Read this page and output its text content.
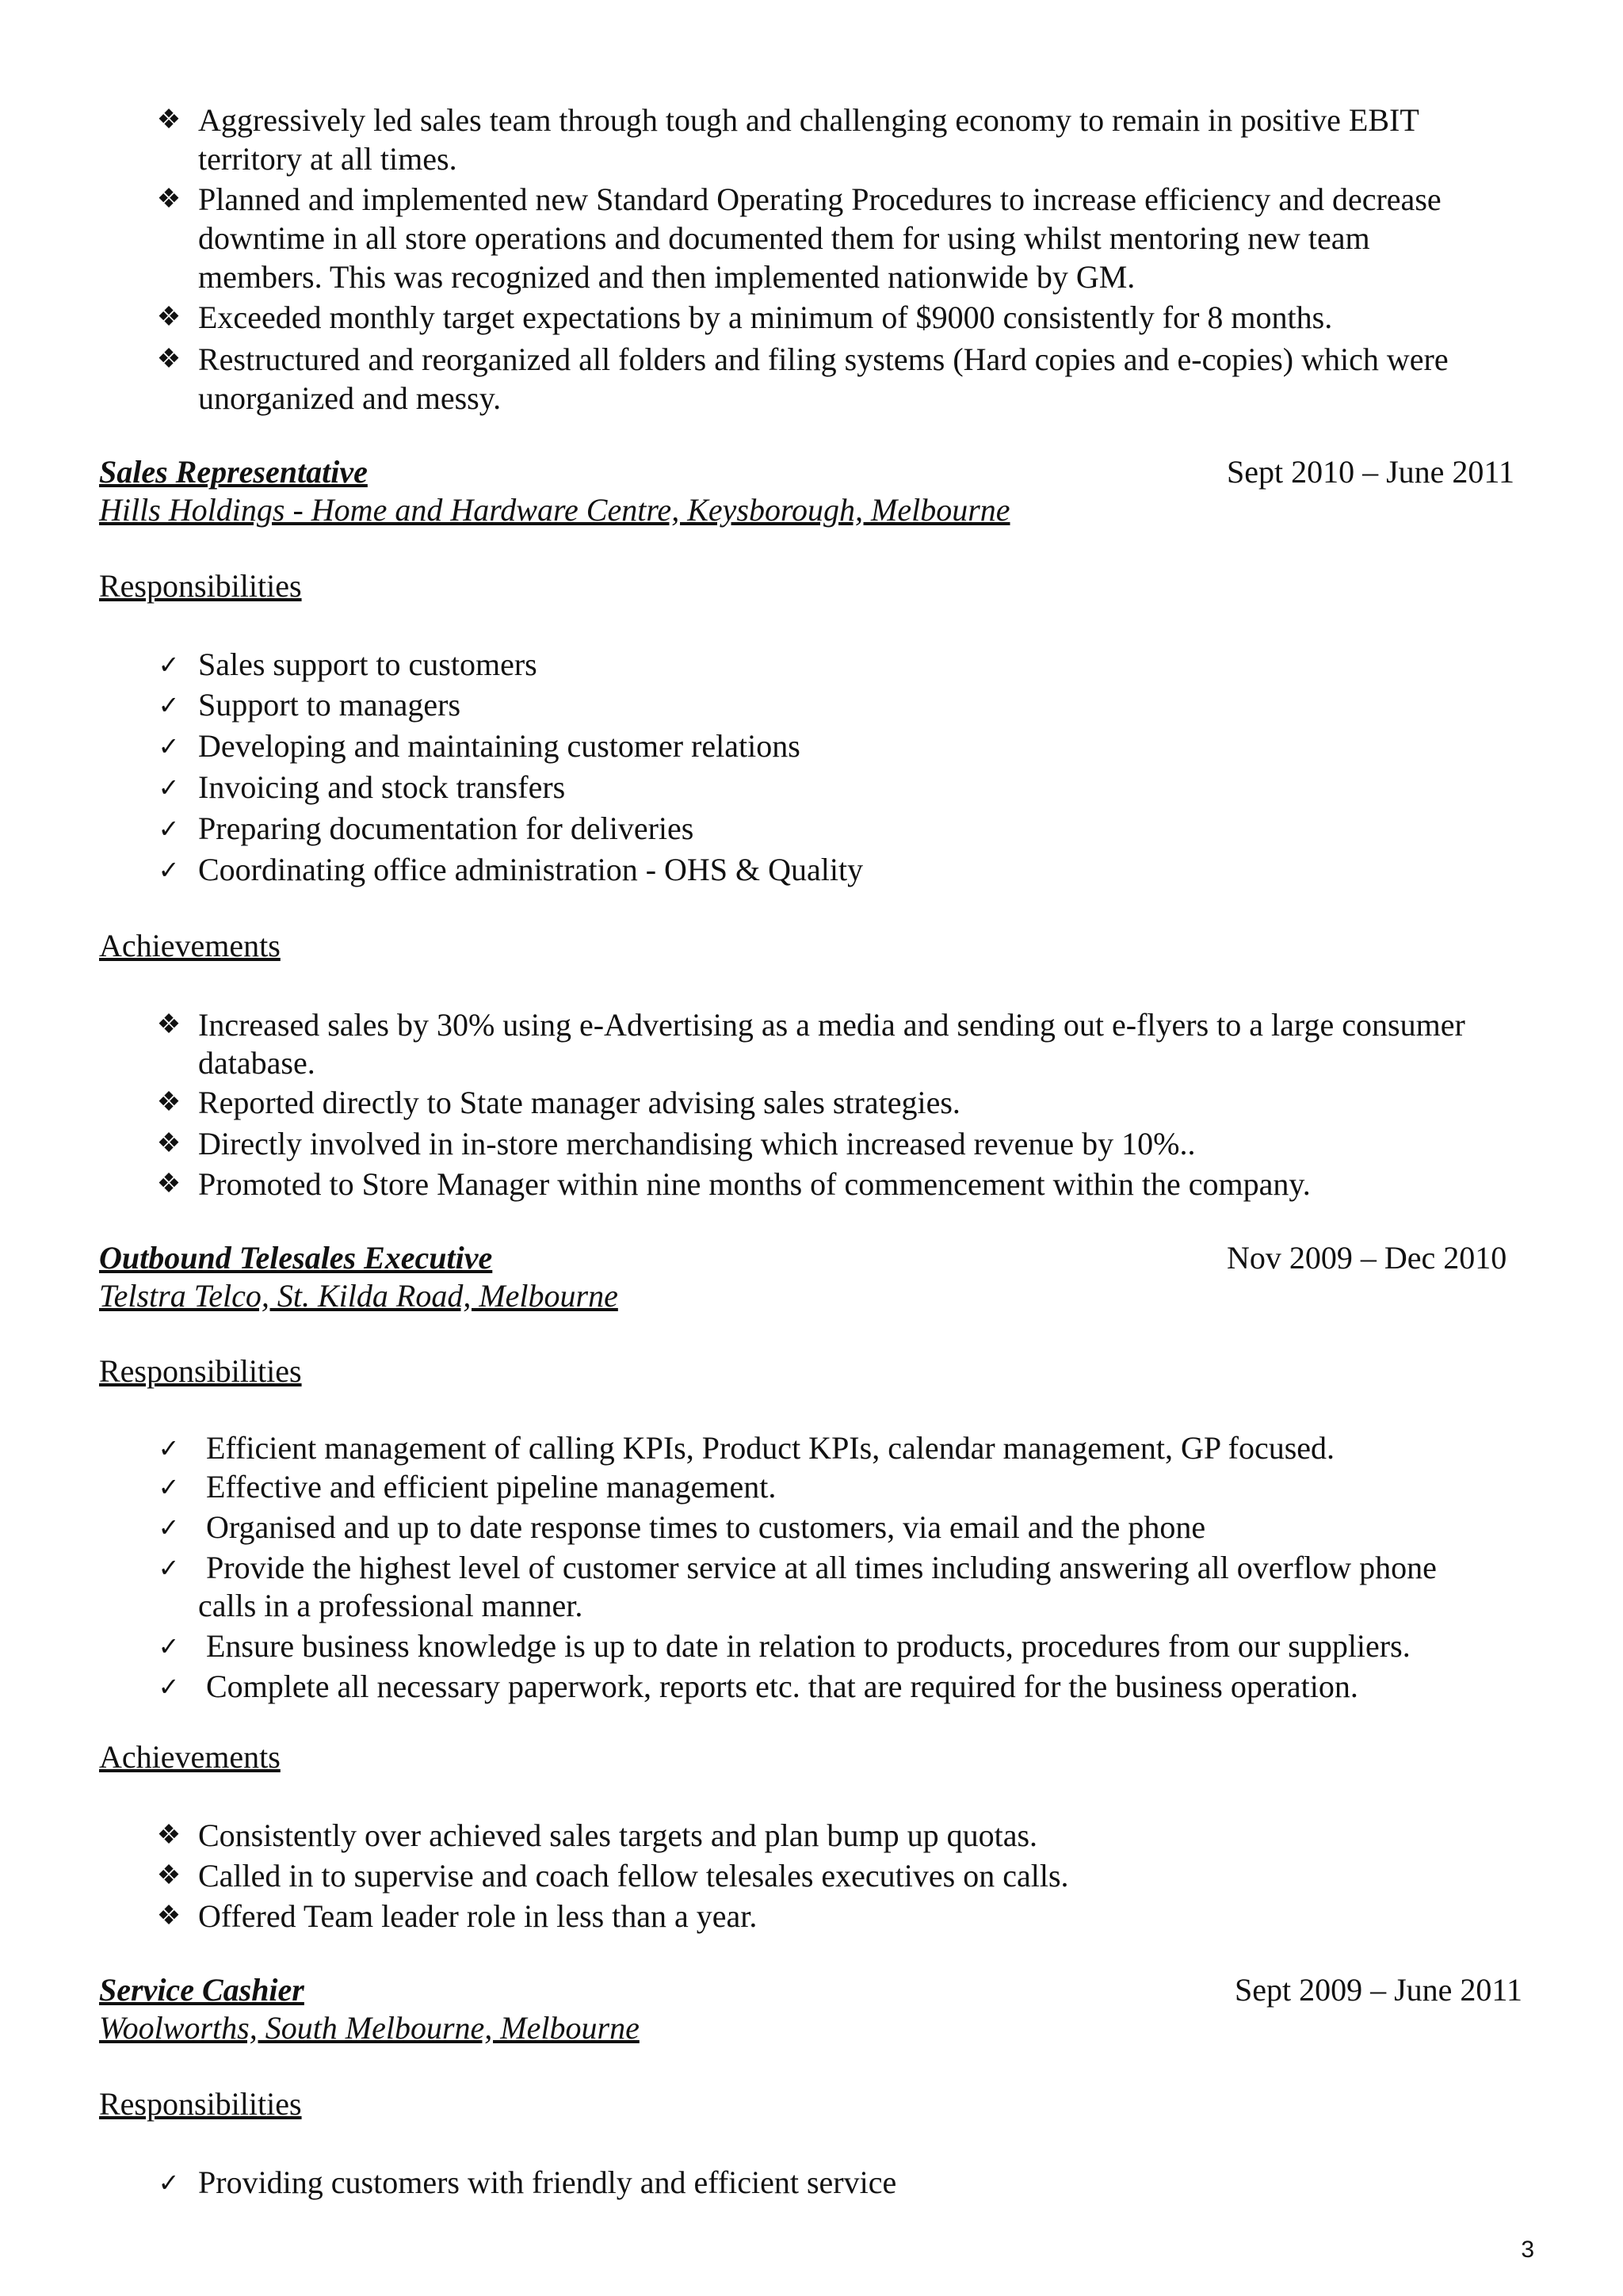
❖ Aggressively led sales team through tough and challenging economy to remain in positive EBIT
territory at all times.
❖ Planned and implemented new Standard Operating Procedures to increase efficiency and decrease
downtime in all store operations and documented them for using whilst mentoring new team
members. This was recognized and then implemented nationwide by GM.
❖ Exceeded monthly target expectations by a minimum of $9000 consistently for 8 months.
❖ Restructured and reorganized all folders and filing systems (Hard copies and e-copies) which were
unorganized and messy.
Sales Representative	Sept 2010 – June 2011
Hills Holdings - Home and Hardware Centre, Keysborough, Melbourne
Responsibilities
✓ Sales support to customers
✓ Support to managers
✓ Developing and maintaining customer relations
✓ Invoicing and stock transfers
✓ Preparing documentation for deliveries
✓ Coordinating office administration - OHS & Quality
Achievements
❖ Increased sales by 30% using e-Advertising as a media and sending out e-flyers to a large consumer
database.
❖ Reported directly to State manager advising sales strategies.
❖ Directly involved in in-store merchandising which increased revenue by 10%..
❖ Promoted to Store Manager within nine months of commencement within the company.
Outbound Telesales Executive	Nov 2009 – Dec 2010
Telstra Telco, St. Kilda Road, Melbourne
Responsibilities
✓ Efficient management of calling KPIs, Product KPIs, calendar management, GP focused.
✓ Effective and efficient pipeline management.
✓ Organised and up to date response times to customers, via email and the phone
✓ Provide the highest level of customer service at all times including answering all overflow phone
calls in a professional manner.
✓ Ensure business knowledge is up to date in relation to products, procedures from our suppliers.
✓ Complete all necessary paperwork, reports etc. that are required for the business operation.
Achievements
❖ Consistently over achieved sales targets and plan bump up quotas.
❖ Called in to supervise and coach fellow telesales executives on calls.
❖ Offered Team leader role in less than a year.
Service Cashier	Sept 2009 – June 2011
Woolworths, South Melbourne, Melbourne
Responsibilities
✓ Providing customers with friendly and efficient service
3
